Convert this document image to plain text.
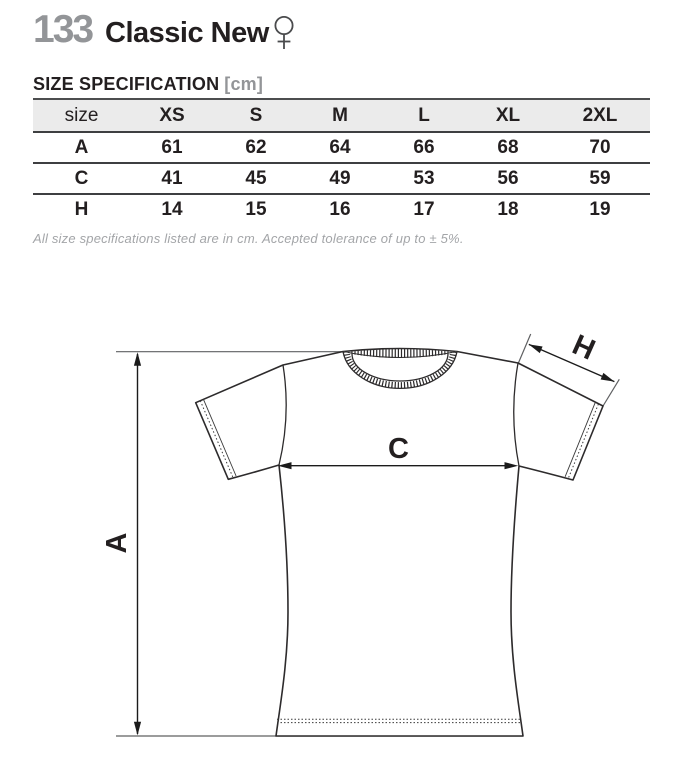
133 Classic New
SIZE SPECIFICATION [cm]
size	XS	S	M	L	XL	2XL
A	61	62	64	66	68	70
C	41	45	49	53	56	59
H	14	15	16	17	18	19

All size specifications listed are in cm. Accepted tolerance of up to ± 5%.

A
C
H
